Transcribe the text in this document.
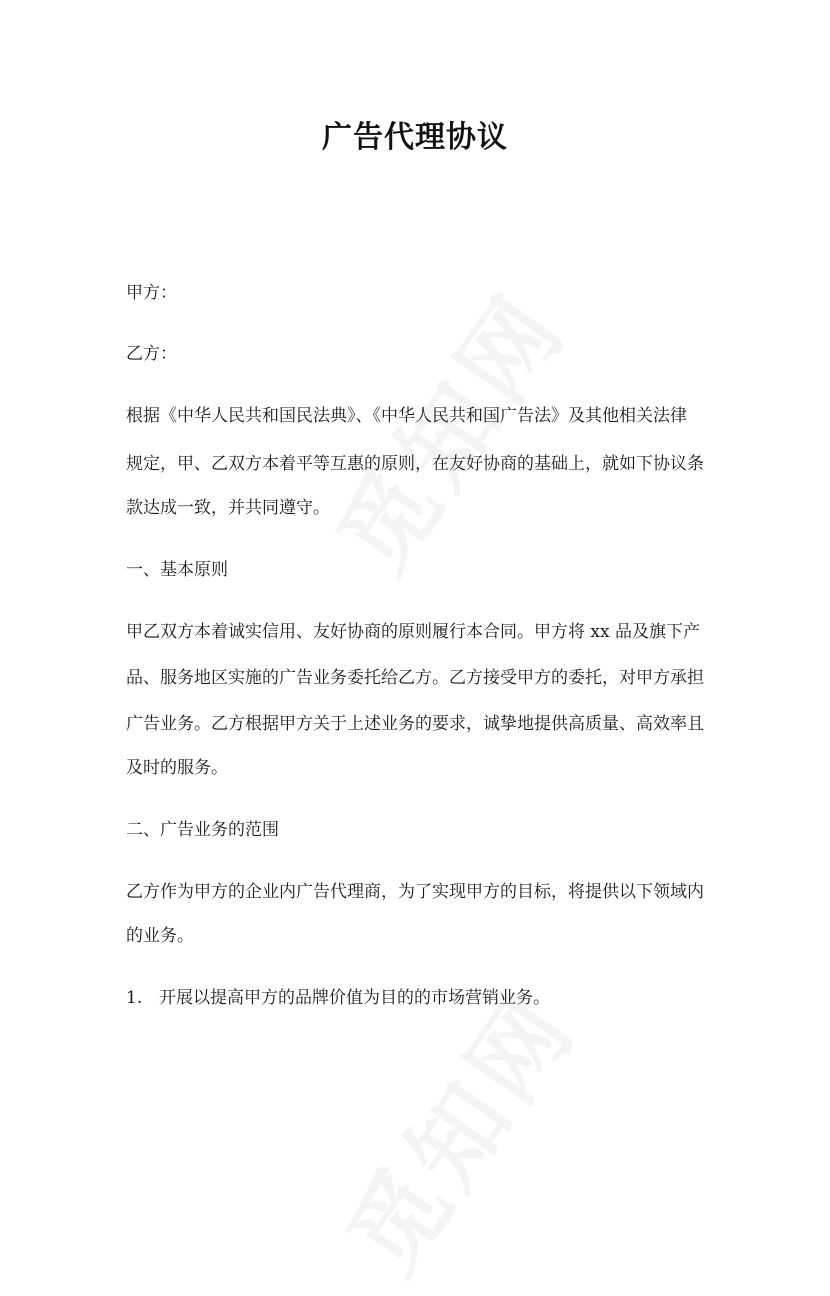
广告代理协议
甲方：
乙方：
根据《中华人民共和国民法典》、《中华人民共和国广告法》及其他相关法律
规定，甲、乙双方本着平等互惠的原则，在友好协商的基础上，就如下协议条
款达成一致，并共同遵守。
一、基本原则
甲乙双方本着诚实信用、友好协商的原则履行本合同。甲方将 xx 品及旗下产
品、服务地区实施的广告业务委托给乙方。乙方接受甲方的委托，对甲方承担
广告业务。乙方根据甲方关于上述业务的要求，诚挚地提供高质量、高效率且
及时的服务。
二、广告业务的范围
乙方作为甲方的企业内广告代理商，为了实现甲方的目标，将提供以下领域内
的业务。
1. 开展以提高甲方的品牌价值为目的的市场营销业务。
